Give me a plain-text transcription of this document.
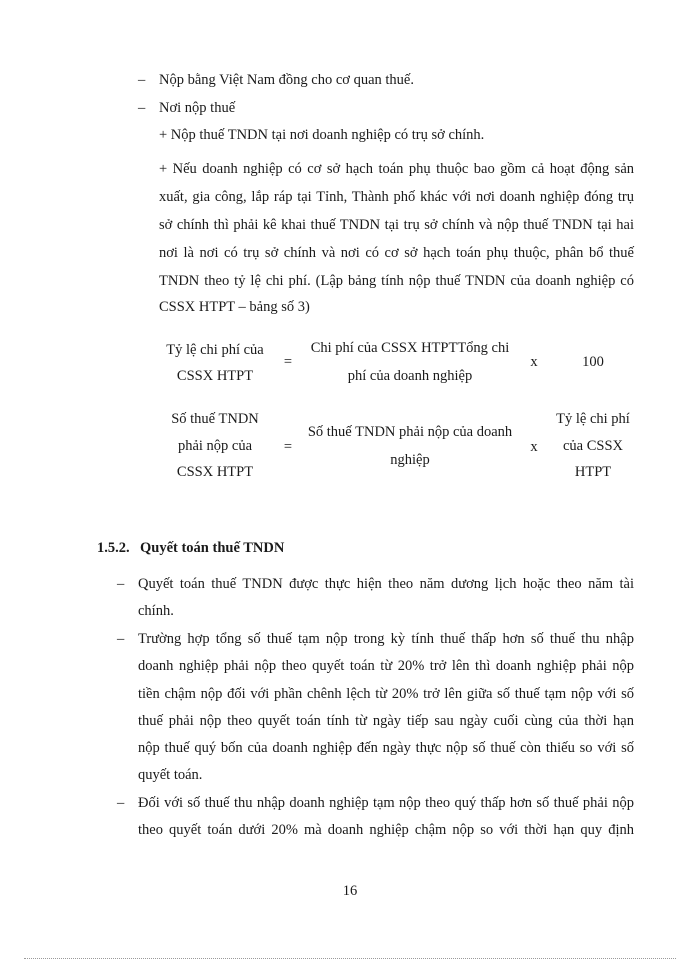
– Nộp bằng Việt Nam đồng cho cơ quan thuế.
– Nơi nộp thuế
+ Nộp thuế TNDN tại nơi doanh nghiệp có trụ sở chính.
+ Nếu doanh nghiệp có cơ sở hạch toán phụ thuộc bao gồm cả hoạt động sản
xuất, gia công, lắp ráp tại Tỉnh, Thành phố khác với nơi doanh nghiệp đóng trụ
sở chính thì phải kê khai thuế TNDN tại trụ sở chính và nộp thuế TNDN tại hai
nơi là nơi có trụ sở chính và nơi có cơ sở hạch toán phụ thuộc, phân bổ thuế
TNDN theo tỷ lệ chi phí. (Lập bảng tính nộp thuế TNDN của doanh nghiệp có
CSSX HTPT – bảng số 3)
Tỷ lệ chi phí của
CSSX HTPT
=
Chi phí của CSSX HTPTTổng chi
phí của doanh nghiệp
x	100
Số thuế TNDN
phải nộp của
CSSX HTPT
=
Số thuế TNDN phải nộp của doanh
nghiệp
x
Tỷ lệ chi phí
của CSSX
HTPT
1.5.2. Quyết toán thuế TNDN
– Quyết toán thuế TNDN được thực hiện theo năm dương lịch hoặc theo năm tài
chính.
– Trường hợp tổng số thuế tạm nộp trong kỳ tính thuế thấp hơn số thuế thu nhập
doanh nghiệp phải nộp theo quyết toán từ 20% trở lên thì doanh nghiệp phải nộp
tiền chậm nộp đối với phần chênh lệch từ 20% trở lên giữa số thuế tạm nộp với số
thuế phải nộp theo quyết toán tính từ ngày tiếp sau ngày cuối cùng của thời hạn
nộp thuế quý bốn của doanh nghiệp đến ngày thực nộp số thuế còn thiếu so với số
quyết toán.
– Đối với số thuế thu nhập doanh nghiệp tạm nộp theo quý thấp hơn số thuế phải nộp
theo quyết toán dưới 20% mà doanh nghiệp chậm nộp so với thời hạn quy định
16
